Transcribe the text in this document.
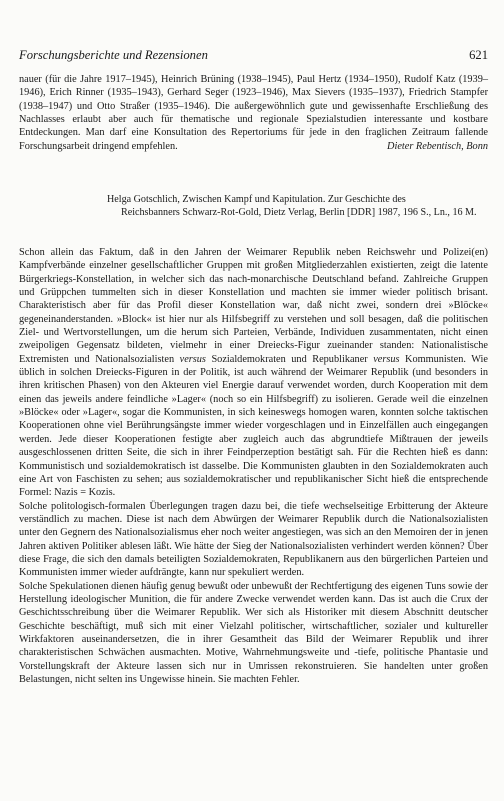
Forschungsberichte und Rezensionen	621

nauer (für die Jahre 1917–1945), Heinrich Brüning (1938–1945), Paul Hertz (1934–1950), Rudolf Katz (1939–1946), Erich Rinner (1935–1943), Gerhard Seger (1923–1946), Max Sievers (1935–1937), Friedrich Stampfer (1938–1947) und Otto Straßer (1935–1946). Die außergewöhnlich gute und gewissenhafte Erschließung des Nachlasses erlaubt aber auch für thematische und regionale Spezialstudien interessante und kostbare Entdeckungen. Man darf eine Konsultation des Repertoriums für jede in den fraglichen Zeitraum fallende Forschungsarbeit dringend empfehlen.	Dieter Rebentisch, Bonn

Helga Gotschlich, Zwischen Kampf und Kapitulation. Zur Geschichte des
Reichsbanners Schwarz-Rot-Gold, Dietz Verlag, Berlin [DDR] 1987, 196 S., Ln., 16 M.

Schon allein das Faktum, daß in den Jahren der Weimarer Republik neben Reichswehr und Polizei(en) Kampfverbände einzelner gesellschaftlicher Gruppen mit großen Mitgliederzahlen existierten, zeigt die latente Bürgerkriegs-Konstellation, in welcher sich das nach-monarchische Deutschland befand. Zahlreiche Gruppen und Grüppchen tummelten sich in dieser Konstellation und machten sie immer wieder politisch brisant. Charakteristisch aber für das Profil dieser Konstellation war, daß nicht zwei, sondern drei »Blöcke« gegeneinanderstanden. »Block« ist hier nur als Hilfsbegriff zu verstehen und soll besagen, daß die politischen Ziel- und Wertvorstellungen, um die herum sich Parteien, Verbände, Individuen zusammentaten, nicht einen zweipoligen Gegensatz bildeten, vielmehr in einer Dreiecks-Figur zueinander standen: Nationalistische Extremisten und Nationalsozialisten versus Sozialdemokraten und Republikaner versus Kommunisten. Wie üblich in solchen Dreiecks-Figuren in der Politik, ist auch während der Weimarer Republik (und besonders in ihren kritischen Phasen) von den Akteuren viel Energie darauf verwendet worden, durch Kooperation mit dem einen das jeweils andere feindliche »Lager« (noch so ein Hilfsbegriff) zu isolieren. Gerade weil die einzelnen »Blöcke« oder »Lager«, sogar die Kommunisten, in sich keineswegs homogen waren, konnten solche taktischen Kooperationen ohne viel Berührungsängste immer wieder vorgeschlagen und in Einzelfällen auch eingegangen werden. Jede dieser Kooperationen festigte aber zugleich auch das abgrundtiefe Mißtrauen der jeweils ausgeschlossenen dritten Seite, die sich in ihrer Feindperzeption bestätigt sah. Für die Rechten hieß es dann: Kommunistisch und sozialdemokratisch ist dasselbe. Die Kommunisten glaubten in den Sozialdemokraten auch eine Art von Faschisten zu sehen; aus sozialdemokratischer und republikanischer Sicht hieß die entsprechende Formel: Nazis = Kozis.

Solche politologisch-formalen Überlegungen tragen dazu bei, die tiefe wechselseitige Erbitterung der Akteure verständlich zu machen. Diese ist nach dem Abwürgen der Weimarer Republik durch die Nationalsozialisten unter den Gegnern des Nationalsozialismus eher noch weiter angestiegen, was sich an den Memoiren der in jenen Jahren aktiven Politiker ablesen läßt. Wie hätte der Sieg der Nationalsozialisten verhindert werden können? Über diese Frage, die sich den damals beteiligten Sozialdemokraten, Republikanern aus den bürgerlichen Parteien und Kommunisten immer wieder aufdrängte, kann nur spekuliert werden.

Solche Spekulationen dienen häufig genug bewußt oder unbewußt der Rechtfertigung des eigenen Tuns sowie der Herstellung ideologischer Munition, die für andere Zwecke verwendet werden kann. Das ist auch die Crux der Geschichtsschreibung über die Weimarer Republik. Wer sich als Historiker mit diesem Abschnitt deutscher Geschichte beschäftigt, muß sich mit einer Vielzahl politischer, wirtschaftlicher, sozialer und kultureller Wirkfaktoren auseinandersetzen, die in ihrer Gesamtheit das Bild der Weimarer Republik und ihrer charakteristischen Schwächen ausmachten. Motive, Wahrnehmungsweite und -tiefe, politische Phantasie und Vorstellungskraft der Akteure lassen sich nur in Umrissen rekonstruieren. Sie handelten unter großen Belastungen, nicht selten ins Ungewisse hinein. Sie machten Fehler.
